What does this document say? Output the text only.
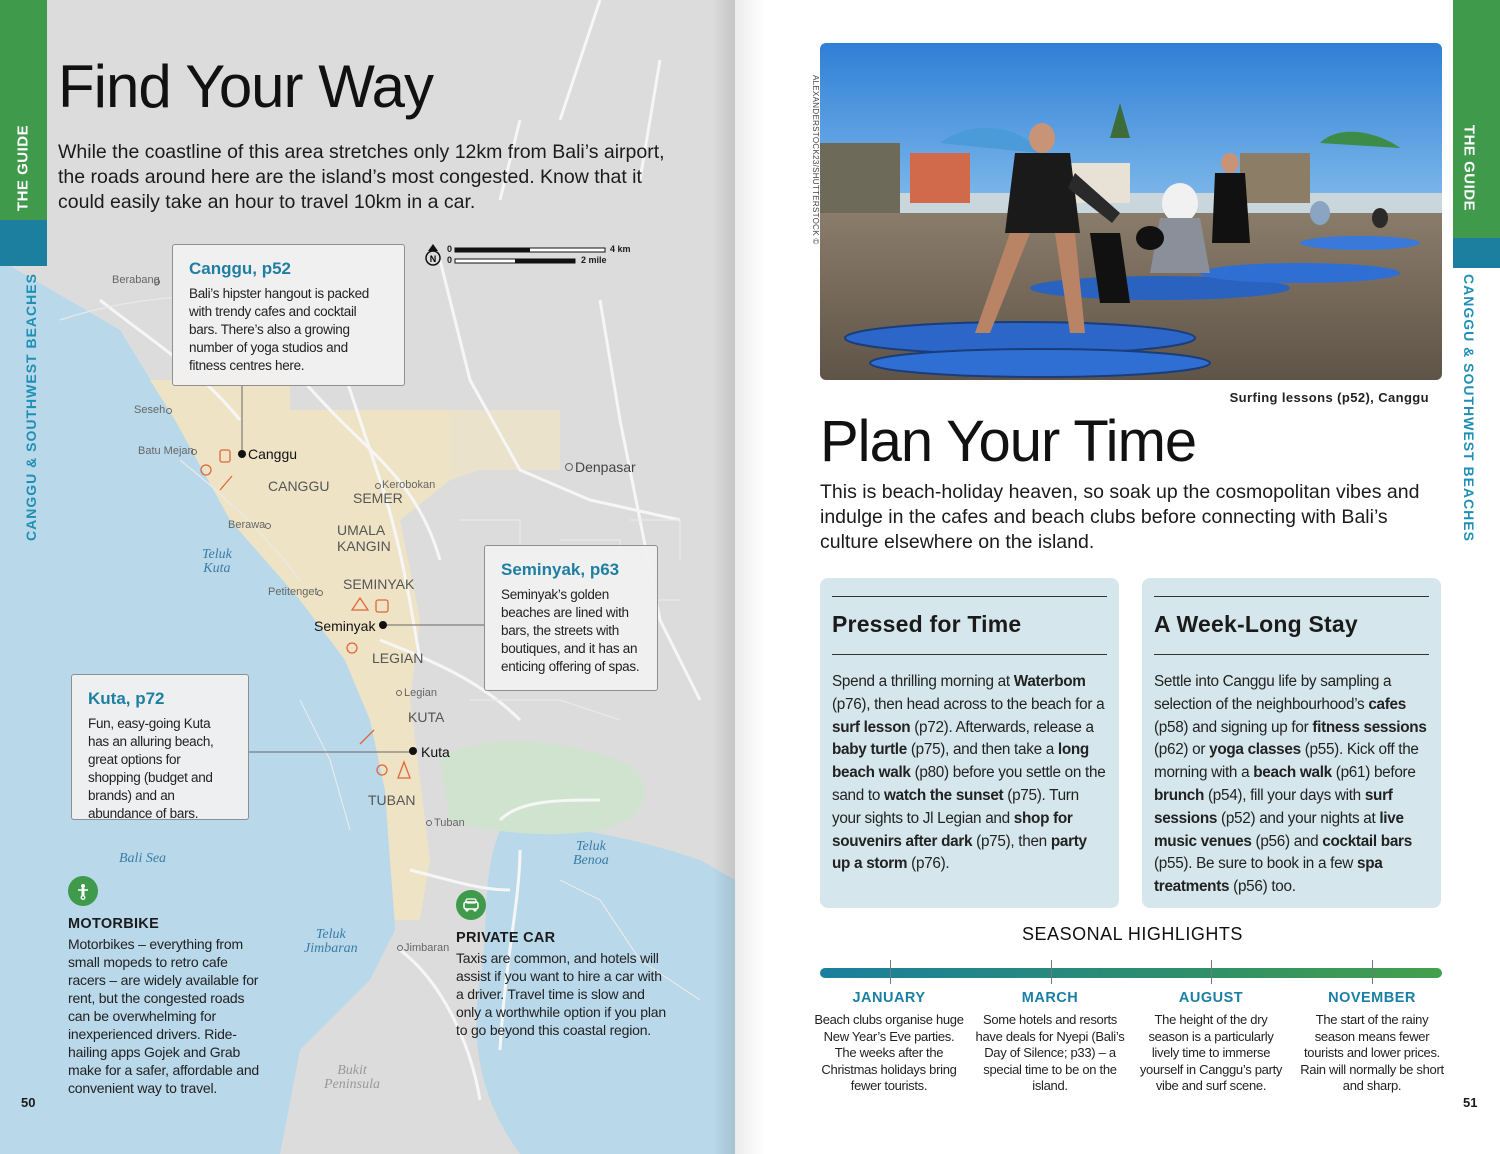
N
0
0
4 km
2 mile
Berabang
Seseh
Batu Mejan	Canggu
CANGGU	Kerobokan
SEMER
Denpasar
Berawa	UMALA
KANGIN
Teluk
Kuta
Petitenget SEMINYAK
Seminyak
LEGIAN
Legian
KUTA
Kuta
TUBAN
Tuban
Bali Sea
Teluk
Benoa
Teluk
Jimbaran	Jimbaran
Bukit
Peninsula
THE GUIDE
CANGGU & SOUTHWEST BEACHES
Find Your Way

While the coastline of this area stretches only 12km from Bali’s airport, the roads around here are the island’s most congested. Know that it could easily take an hour to travel 10km in a car.

Canggu, p52

Bali’s hipster hangout is packed with trendy cafes and cocktail bars. There’s also a growing number of yoga studios and fitness centres here.

Seminyak, p63

Seminyak’s golden beaches are lined with bars, the streets with boutiques, and it has an enticing offering of spas.

Kuta, p72

Fun, easy-going Kuta has an alluring beach, great options for shopping (budget and brands) and an abundance of bars.

MOTORBIKE

Motorbikes – everything from small mopeds to retro cafe racers – are widely available for rent, but the congested roads can be overwhelming for inexperienced drivers. Ride-hailing apps Gojek and Grab make for a safer, affordable and convenient way to travel.

PRIVATE CAR

Taxis are common, and hotels will assist if you want to hire a car with a driver. Travel time is slow and only a worthwhile option if you plan to go beyond this coastal region.

50
ALEXANDERSTOCK23/SHUTTERSTOCK ©
Surfing lessons (p52), Canggu
Plan Your Time

This is beach-holiday heaven, so soak up the cosmopolitan vibes and indulge in the cafes and beach clubs before connecting with Bali’s culture elsewhere on the island.

Pressed for Time

Spend a thrilling morning at Waterbom (p76), then head across to the beach for a surf lesson (p72). Afterwards, release a baby turtle (p75), and then take a long beach walk (p80) before you settle on the sand to watch the sunset (p75). Turn your sights to Jl Legian and shop for souvenirs after dark (p75), then party up a storm (p76).

A Week-Long Stay

Settle into Canggu life by sampling a selection of the neighbourhood’s cafes (p58) and signing up for fitness sessions (p62) or yoga classes (p55). Kick off the morning with a beach walk (p61) before brunch (p54), fill your days with surf sessions (p52) and your nights at live music venues (p56) and cocktail bars (p55). Be sure to book in a few spa treatments (p56) too.

SEASONAL HIGHLIGHTS
JANUARY

Beach clubs organise huge New Year’s Eve parties. The weeks after the Christmas holidays bring fewer tourists.

MARCH

Some hotels and resorts have deals for Nyepi (Bali’s Day of Silence; p33) – a special time to be on the island.

AUGUST

The height of the dry season is a particularly lively time to immerse yourself in Canggu’s party vibe and surf scene.

NOVEMBER

The start of the rainy season means fewer tourists and lower prices. Rain will normally be short and sharp.

THE GUIDE
CANGGU & SOUTHWEST BEACHES
51
